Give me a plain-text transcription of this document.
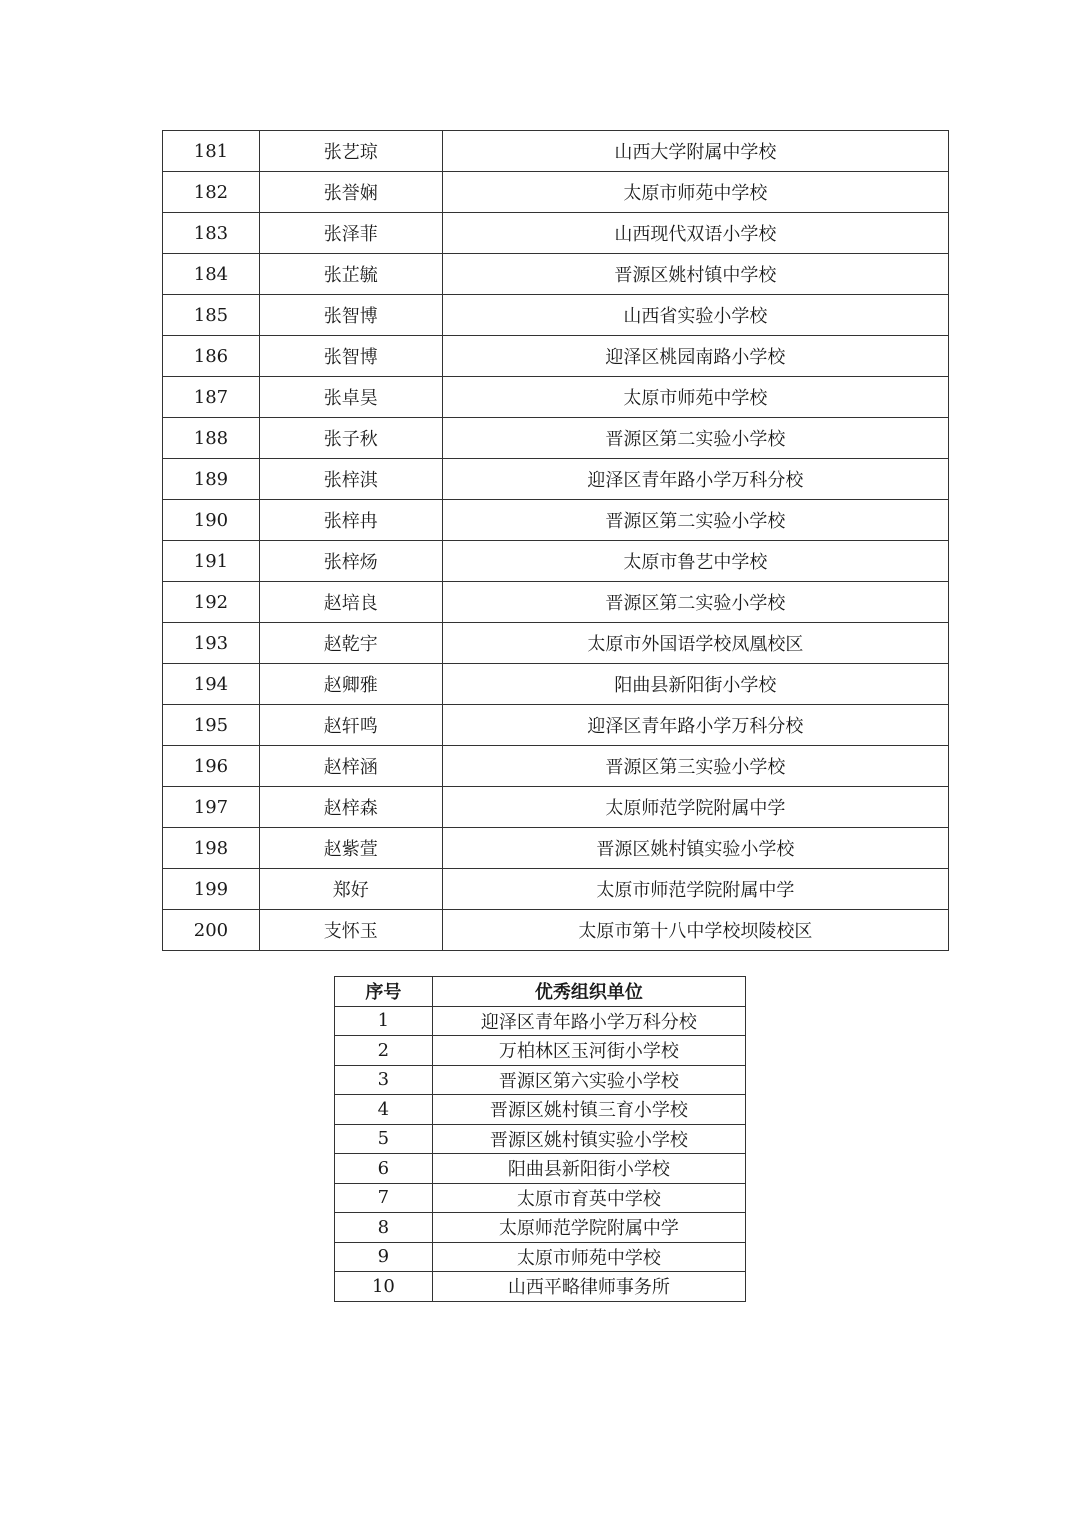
181	张艺琼	山西大学附属中学校
182	张誉娴	太原市师苑中学校
183	张泽菲	山西现代双语小学校
184	张芷毓	晋源区姚村镇中学校
185	张智博	山西省实验小学校
186	张智博	迎泽区桃园南路小学校
187	张卓昊	太原市师苑中学校
188	张子秋	晋源区第二实验小学校
189	张梓淇	迎泽区青年路小学万科分校
190	张梓冉	晋源区第二实验小学校
191	张梓炀	太原市鲁艺中学校
192	赵培良	晋源区第二实验小学校
193	赵乾宇	太原市外国语学校凤凰校区
194	赵卿雅	阳曲县新阳街小学校
195	赵轩鸣	迎泽区青年路小学万科分校
196	赵梓涵	晋源区第三实验小学校
197	赵梓森	太原师范学院附属中学
198	赵紫萱	晋源区姚村镇实验小学校
199	郑好	太原市师范学院附属中学
200	支怀玉	太原市第十八中学校坝陵校区
序号	优秀组织单位
1	迎泽区青年路小学万科分校
2	万柏林区玉河街小学校
3	晋源区第六实验小学校
4	晋源区姚村镇三育小学校
5	晋源区姚村镇实验小学校
6	阳曲县新阳街小学校
7	太原市育英中学校
8	太原师范学院附属中学
9	太原市师苑中学校
10	山西平略律师事务所
